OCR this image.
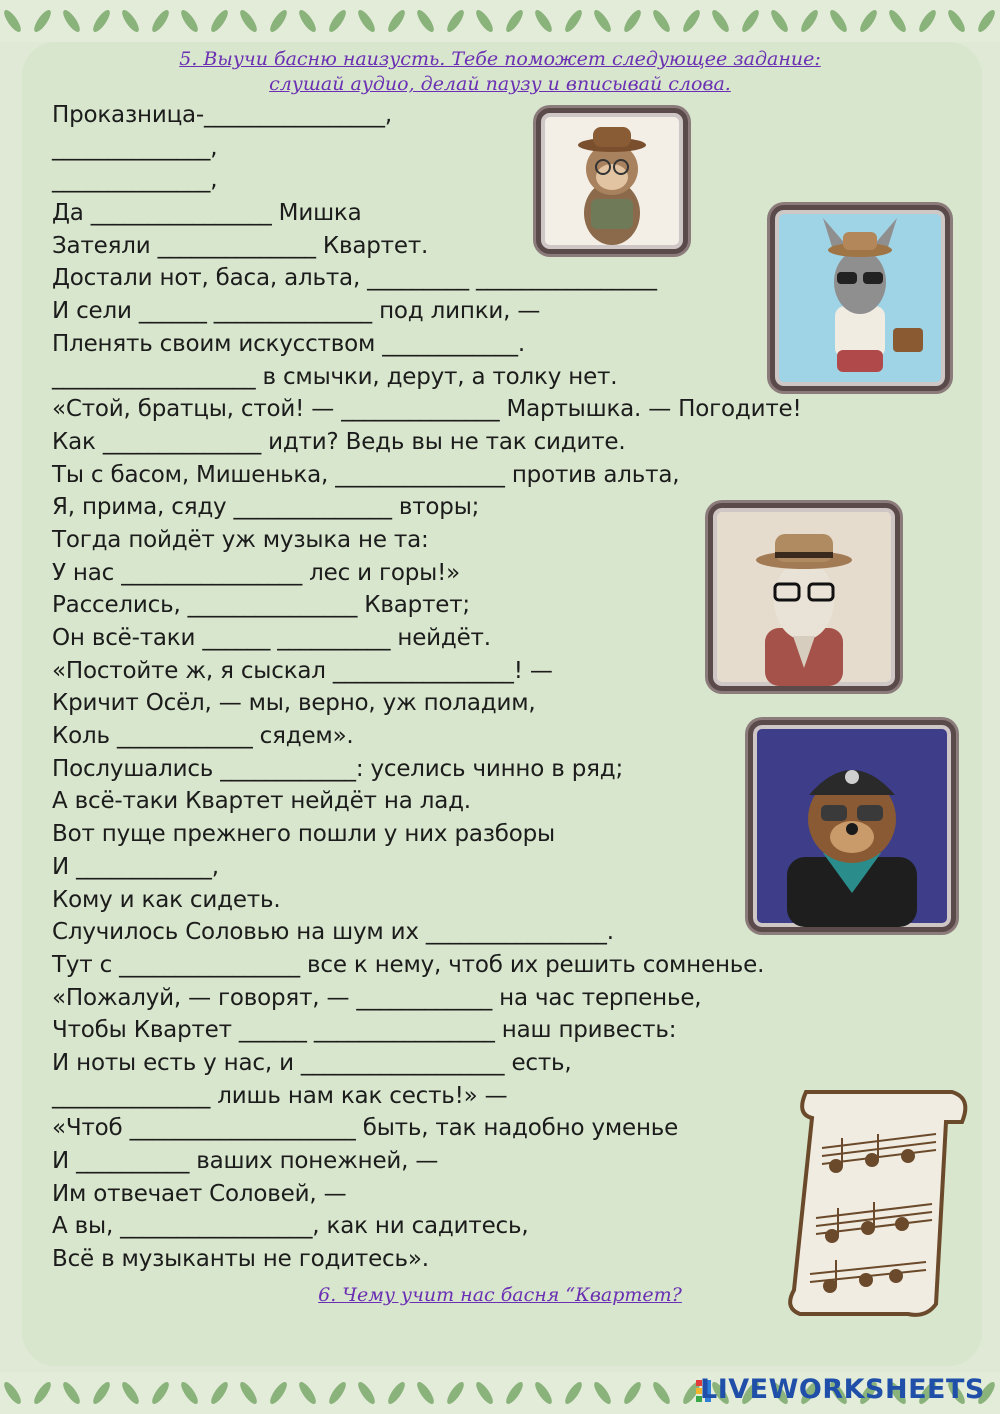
5. Выучи басню наизусть. Тебе поможет следующее задание:
слушай аудио, делай паузу и вписывай слова.
Проказница-________________,
______________,
______________,
Да ________________ Мишка
Затеяли ______________ Квартет.
Достали нот, баса, альта, _________ ________________
И сели ______ ______________ под липки, —
Пленять своим искусством ____________.
__________________ в смычки, дерут, а толку нет.
«Стой, братцы, стой! — ______________ Мартышка. — Погодите!
Как ______________ идти? Ведь вы не так сидите.
Ты с басом, Мишенька, _______________ против альта,
Я, прима, сяду ______________ вторы;
Тогда пойдёт уж музыка не та:
У нас ________________ лес и горы!»
Расселись, _______________ Квартет;
Он всё-таки ______ __________ нейдёт.
«Постойте ж, я сыскал ________________! —
Кричит Осёл, — мы, верно, уж поладим,
Коль ____________ сядем».
Послушались ____________: уселись чинно в ряд;
А всё-таки Квартет нейдёт на лад.
Вот пуще прежнего пошли у них разборы
И ____________,
Кому и как сидеть.
Случилось Соловью на шум их ________________.
Тут с ________________ все к нему, чтоб их решить сомненье.
«Пожалуй, — говорят, — ____________ на час терпенье,
Чтобы Квартет ______ ________________ наш привесть:
И ноты есть у нас, и __________________ есть,
______________ лишь нам как сесть!» —
«Чтоб ____________________ быть, так надобно уменье
И __________ ваших понежней, —
Им отвечает Соловей, —
А вы, _________________, как ни садитесь,
Всё в музыканты не годитесь».
6. Чему учит нас басня “Квартет?
LIVEWORKSHEETS
